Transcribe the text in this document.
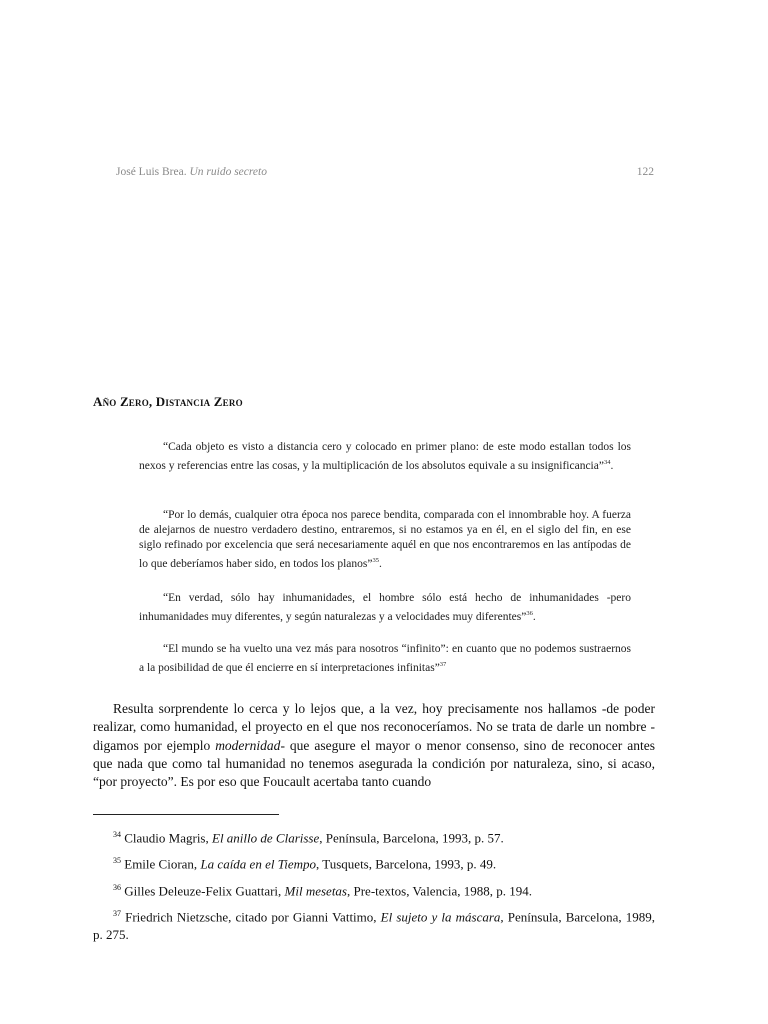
José Luis Brea. Un ruido secreto	122
Año Zero, Distancia Zero
“Cada objeto es visto a distancia cero y colocado en primer plano: de este modo estallan todos los nexos y referencias entre las cosas, y la multiplicación de los absolutos equivale a su insignificancia”$^{34}$.
“Por lo demás, cualquier otra época nos parece bendita, comparada con el innombrable hoy. A fuerza de alejarnos de nuestro verdadero destino, entraremos, si no estamos ya en él, en el siglo del fin, en ese siglo refinado por excelencia que será necesariamente aquél en que nos encontraremos en las antípodas de lo que deberíamos haber sido, en todos los planos”$^{35}$.
“En verdad, sólo hay inhumanidades, el hombre sólo está hecho de inhumanidades -pero inhumanidades muy diferentes, y según naturalezas y a velocidades muy diferentes”$^{36}$.
“El mundo se ha vuelto una vez más para nosotros “infinito”: en cuanto que no podemos sustraernos a la posibilidad de que él encierre en sí interpretaciones infinitas”$^{37}$
Resulta sorprendente lo cerca y lo lejos que, a la vez, hoy precisamente nos hallamos -de poder realizar, como humanidad, el proyecto en el que nos reconoceríamos. No se trata de darle un nombre -digamos por ejemplo modernidad- que asegure el mayor o menor consenso, sino de reconocer antes que nada que como tal humanidad no tenemos asegurada la condición por naturaleza, sino, si acaso, “por proyecto”. Es por eso que Foucault acertaba tanto cuando
$^{34}$ Claudio Magris, El anillo de Clarisse, Península, Barcelona, 1993, p. 57.
$^{35}$ Emile Cioran, La caída en el Tiempo, Tusquets, Barcelona, 1993, p. 49.
$^{36}$ Gilles Deleuze-Felix Guattari, Mil mesetas, Pre-textos, Valencia, 1988, p. 194.
$^{37}$ Friedrich Nietzsche, citado por Gianni Vattimo, El sujeto y la máscara, Península, Barcelona, 1989, p. 275.
